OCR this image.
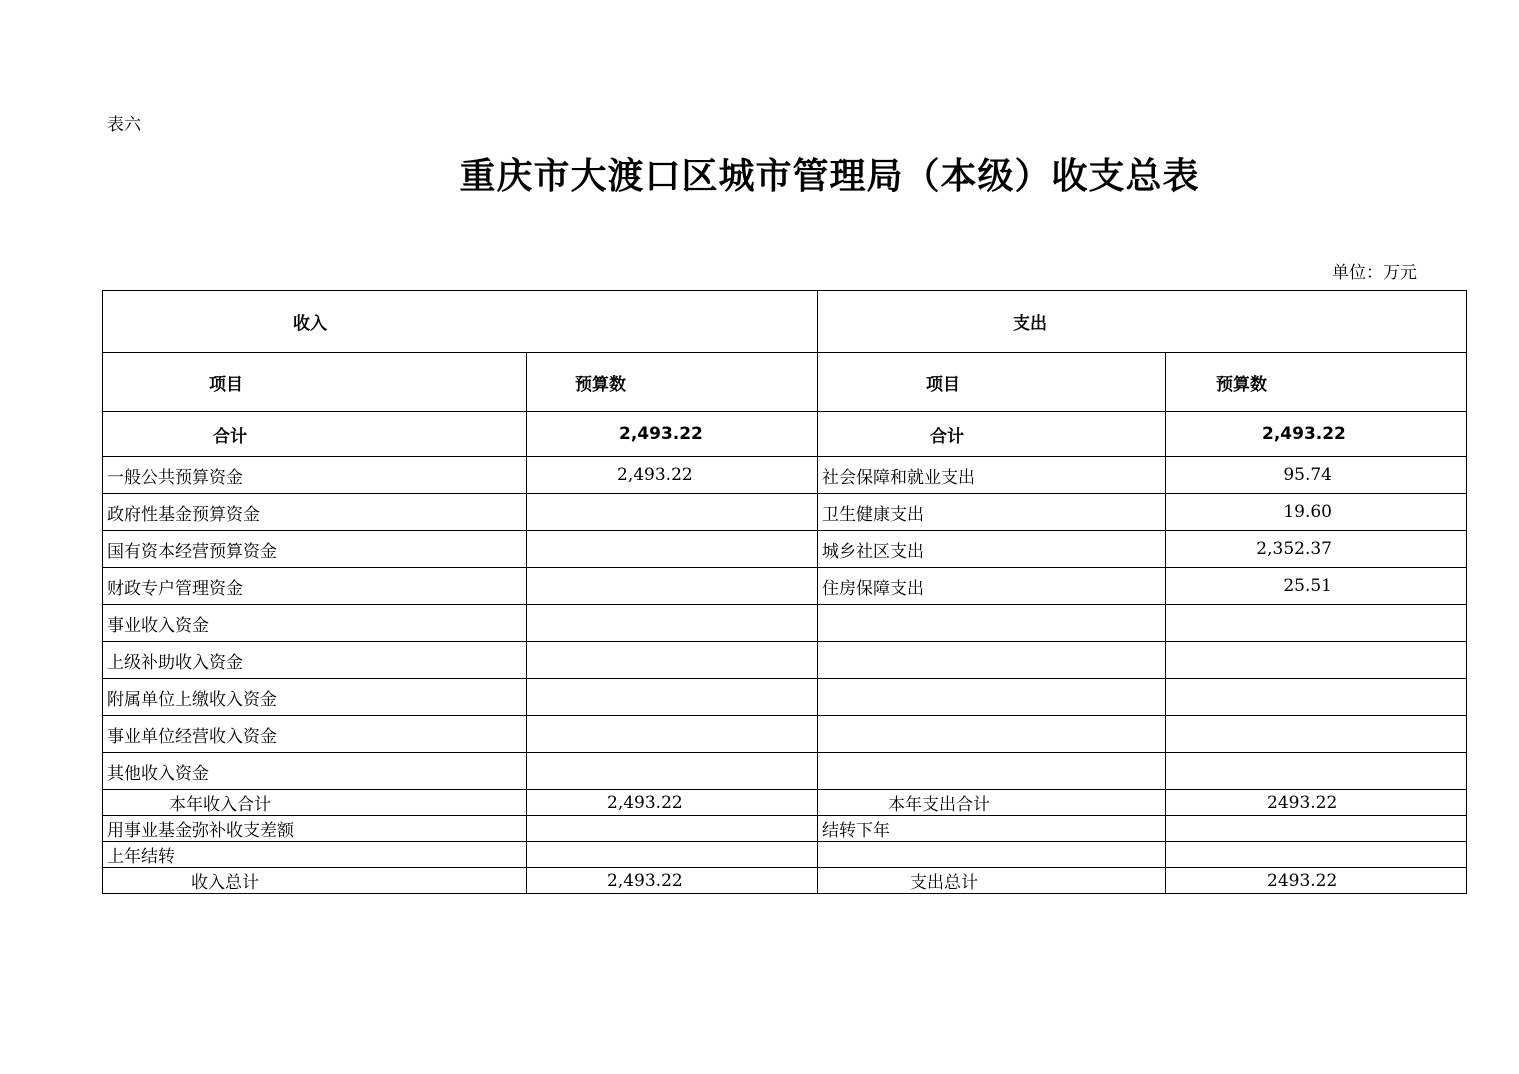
表六
重庆市大渡口区城市管理局（本级）收支总表
单位：万元
收入		支出	
项目	预算数	项目	预算数
合计	2,493.22	合计	2,493.22
一般公共预算资金	2,493.22	社会保障和就业支出	95.74
政府性基金预算资金		卫生健康支出	19.60
国有资本经营预算资金		城乡社区支出	2,352.37
财政专户管理资金		住房保障支出	25.51
事业收入资金			
上级补助收入资金			
附属单位上缴收入资金			
事业单位经营收入资金			
其他收入资金			
本年收入合计	2,493.22	本年支出合计	2493.22
用事业基金弥补收支差额		结转下年	
上年结转			
收入总计	2,493.22	支出总计	2493.22
